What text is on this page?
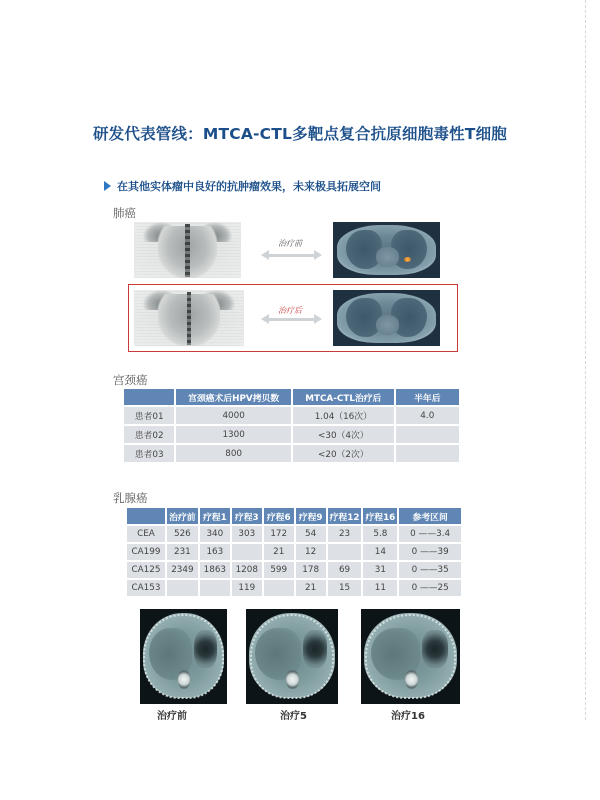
研发代表管线：MTCA-CTL多靶点复合抗原细胞毒性T细胞
在其他实体瘤中良好的抗肿瘤效果，未来极具拓展空间
肺癌
治疗前
治疗后
宫颈癌
	宫颈癌术后HPV拷贝数	MTCA-CTL治疗后	半年后
患者01	4000	1.04（16次）	4.0
患者02	1300	<30（4次）	
患者03	800	<20（2次）	
乳腺癌
	治疗前	疗程1	疗程3	疗程6	疗程9	疗程12	疗程16	参考区间
CEA	526	340	303	172	54	23	5.8	0 ——3.4
CA199	231	163		21	12		14	0 ——39
CA125	2349	1863	1208	599	178	69	31	0 ——35
CA153			119		21	15	11	0 ——25
治疗前	治疗5	治疗16
